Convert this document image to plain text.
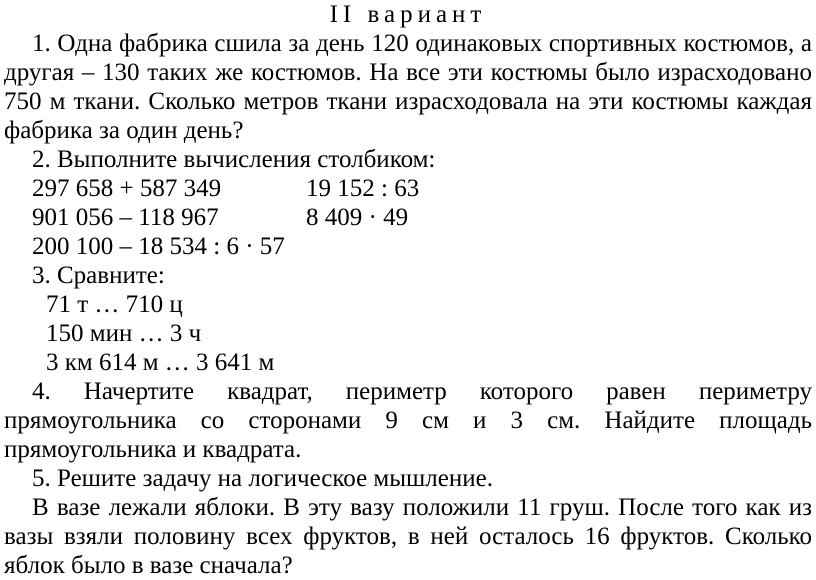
II вариант

1. Одна фабрика сшила за день 120 одинаковых спортивных костюмов, а другая – 130 таких же костюмов. На все эти костюмы было израсходовано 750 м ткани. Сколько метров ткани израсходовала на эти костюмы каждая фабрика за один день?

2. Выполните вычисления столбиком:
297 658 + 587 349	19 152 : 63
901 056 – 118 967	8 409 · 49
200 100 – 18 534 : 6 · 57
3. Сравните:
71 т … 710 ц
150 мин … 3 ч
3 км 614 м … 3 641 м

4. Начертите квадрат, периметр которого равен периметру прямоугольника со сторонами 9 см и 3 см. Найдите площадь прямоугольника и квадрата.

5. Решите задачу на логическое мышление.

В вазе лежали яблоки. В эту вазу положили 11 груш. После того как из вазы взяли половину всех фруктов, в ней осталось 16 фруктов. Сколько яблок было в вазе сначала?
